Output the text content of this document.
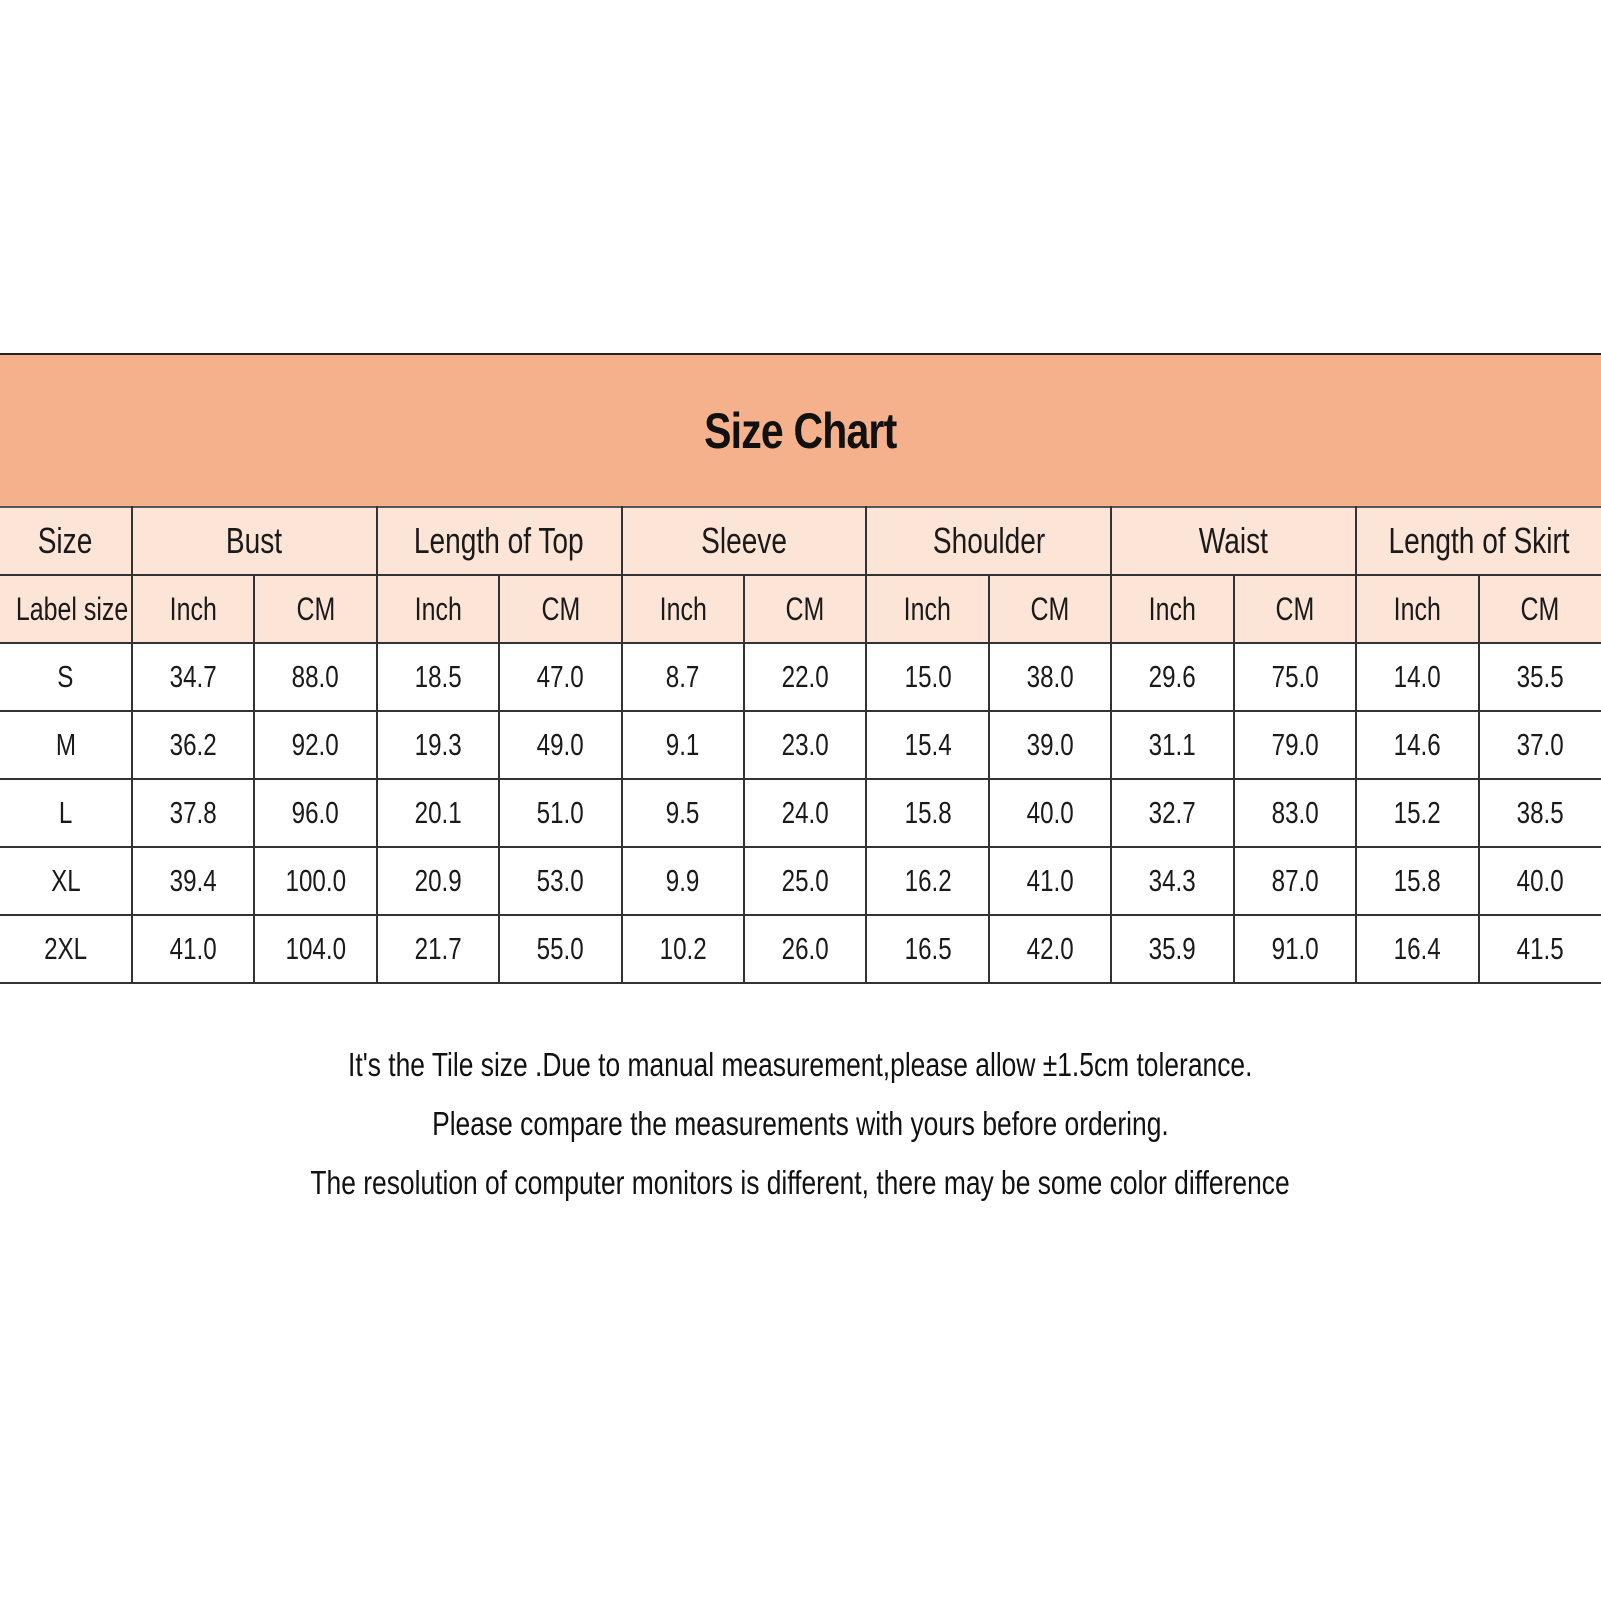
Size Chart
Size	Bust		Length of Top		Sleeve		Shoulder		Waist		Length of Skirt	
Label size	Inch	CM	Inch	CM	Inch	CM	Inch	CM	Inch	CM	Inch	CM
S	34.7	88.0	18.5	47.0	8.7	22.0	15.0	38.0	29.6	75.0	14.0	35.5
M	36.2	92.0	19.3	49.0	9.1	23.0	15.4	39.0	31.1	79.0	14.6	37.0
L	37.8	96.0	20.1	51.0	9.5	24.0	15.8	40.0	32.7	83.0	15.2	38.5
XL	39.4	100.0	20.9	53.0	9.9	25.0	16.2	41.0	34.3	87.0	15.8	40.0
2XL	41.0	104.0	21.7	55.0	10.2	26.0	16.5	42.0	35.9	91.0	16.4	41.5

It's the Tile size .Due to manual measurement,please allow ±1.5cm tolerance.

Please compare the measurements with yours before ordering.

The resolution of computer monitors is different, there may be some color difference
